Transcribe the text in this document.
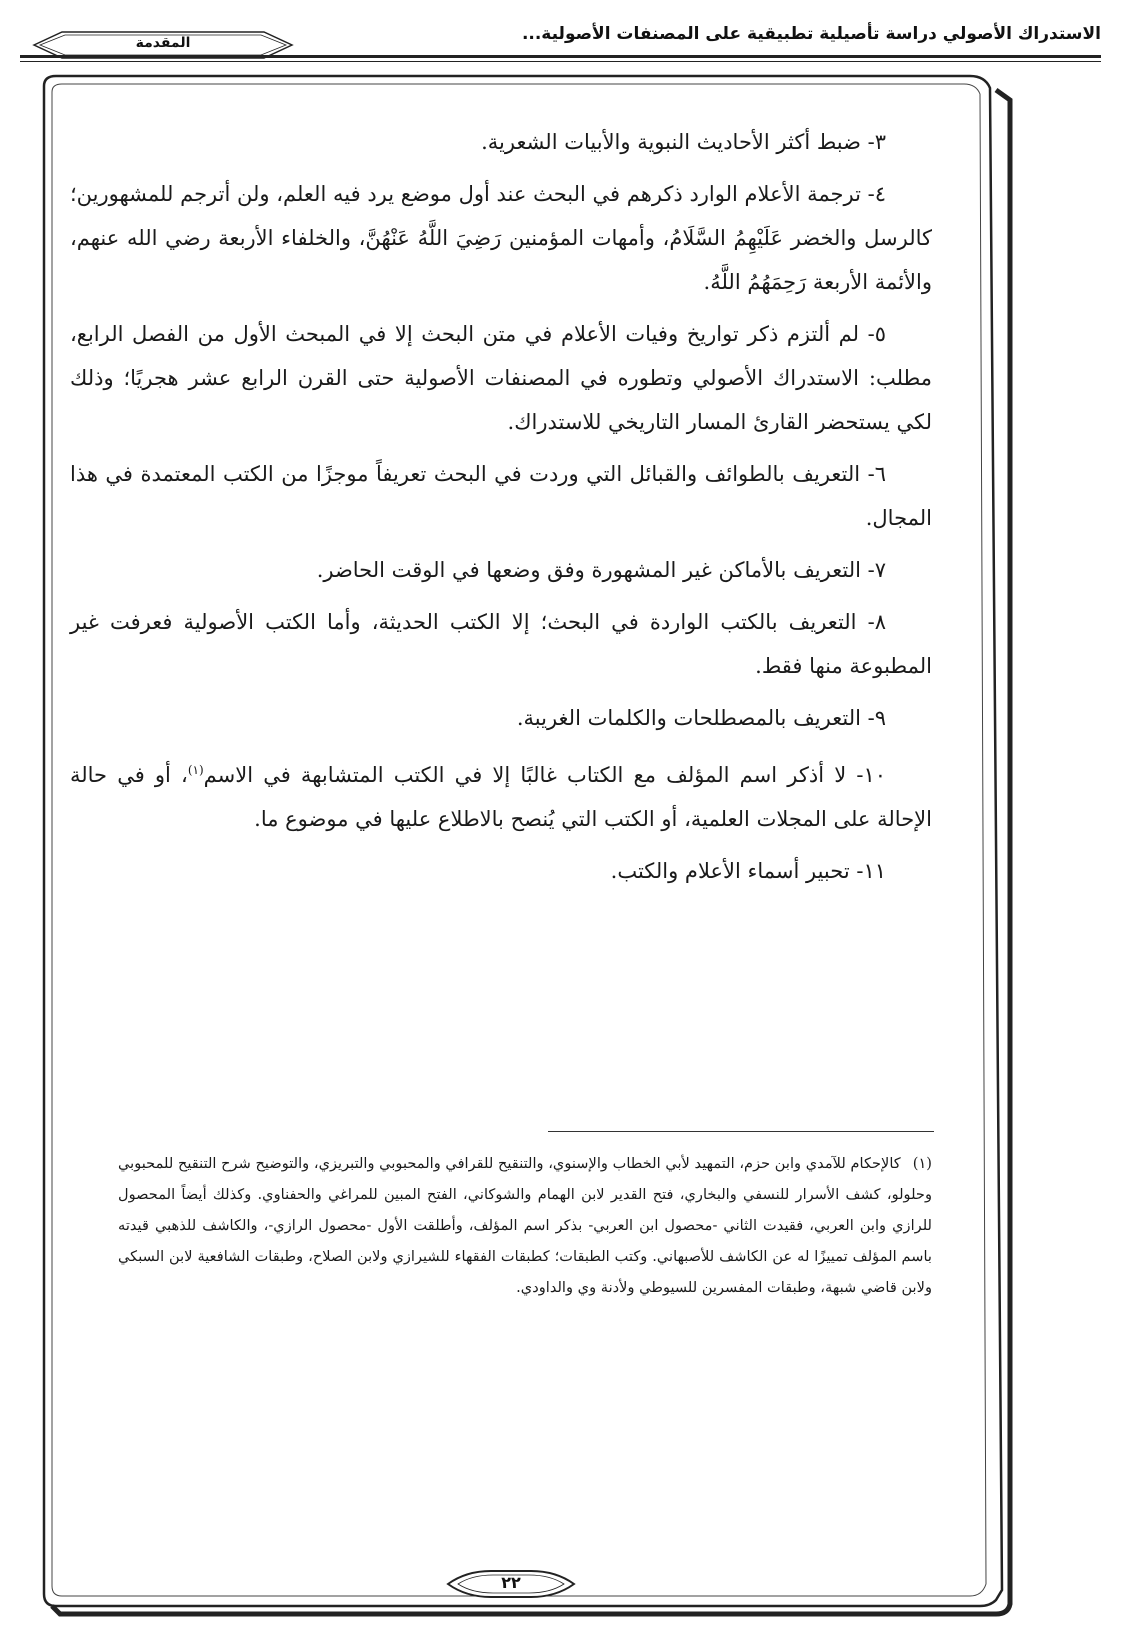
الاستدراك الأصولي دراسة تأصيلية تطبيقية على المصنفات الأصولية...
المقدمة

٣- ضبط أكثر الأحاديث النبوية والأبيات الشعرية.

٤- ترجمة الأعلام الوارد ذكرهم في البحث عند أول موضع يرد فيه العلم، ولن أترجم للمشهورين؛ كالرسل والخضر عَلَيْهِمُ السَّلَامُ، وأمهات المؤمنين رَضِيَ اللَّهُ عَنْهُنَّ، والخلفاء الأربعة رضي الله عنهم، والأئمة الأربعة رَحِمَهُمُ اللَّهُ.

٥- لم ألتزم ذكر تواريخ وفيات الأعلام في متن البحث إلا في المبحث الأول من الفصل الرابع، مطلب: الاستدراك الأصولي وتطوره في المصنفات الأصولية حتى القرن الرابع عشر هجريًا؛ وذلك لكي يستحضر القارئ المسار التاريخي للاستدراك.

٦- التعريف بالطوائف والقبائل التي وردت في البحث تعريفاً موجزًا من الكتب المعتمدة في هذا المجال.

٧- التعريف بالأماكن غير المشهورة وفق وضعها في الوقت الحاضر.

٨- التعريف بالكتب الواردة في البحث؛ إلا الكتب الحديثة، وأما الكتب الأصولية فعرفت غير المطبوعة منها فقط.

٩- التعريف بالمصطلحات والكلمات الغريبة.

١٠- لا أذكر اسم المؤلف مع الكتاب غالبًا إلا في الكتب المتشابهة في الاسم$^{(١)}$، أو في حالة الإحالة على المجلات العلمية، أو الكتب التي يُنصح بالاطلاع عليها في موضوع ما.

١١- تحبير أسماء الأعلام والكتب.

(١)كالإحكام للآمدي وابن حزم، التمهيد لأبي الخطاب والإسنوي، والتنقيح للقرافي والمحبوبي والتبريزي، والتوضيح شرح التنقيح للمحبوبي وحلولو، كشف الأسرار للنسفي والبخاري، فتح القدير لابن الهمام والشوكاني، الفتح المبين للمراغي والحفناوي. وكذلك أيضاً المحصول للرازي وابن العربي، فقيدت الثاني -محصول ابن العربي- بذكر اسم المؤلف، وأطلقت الأول -محصول الرازي-، والكاشف للذهبي قيدته باسم المؤلف تمييزًا له عن الكاشف للأصبهاني. وكتب الطبقات؛ كطبقات الفقهاء للشيرازي ولابن الصلاح، وطبقات الشافعية لابن السبكي ولابن قاضي شبهة، وطبقات المفسرين للسيوطي ولأدنة وي والداودي.
٢٢
